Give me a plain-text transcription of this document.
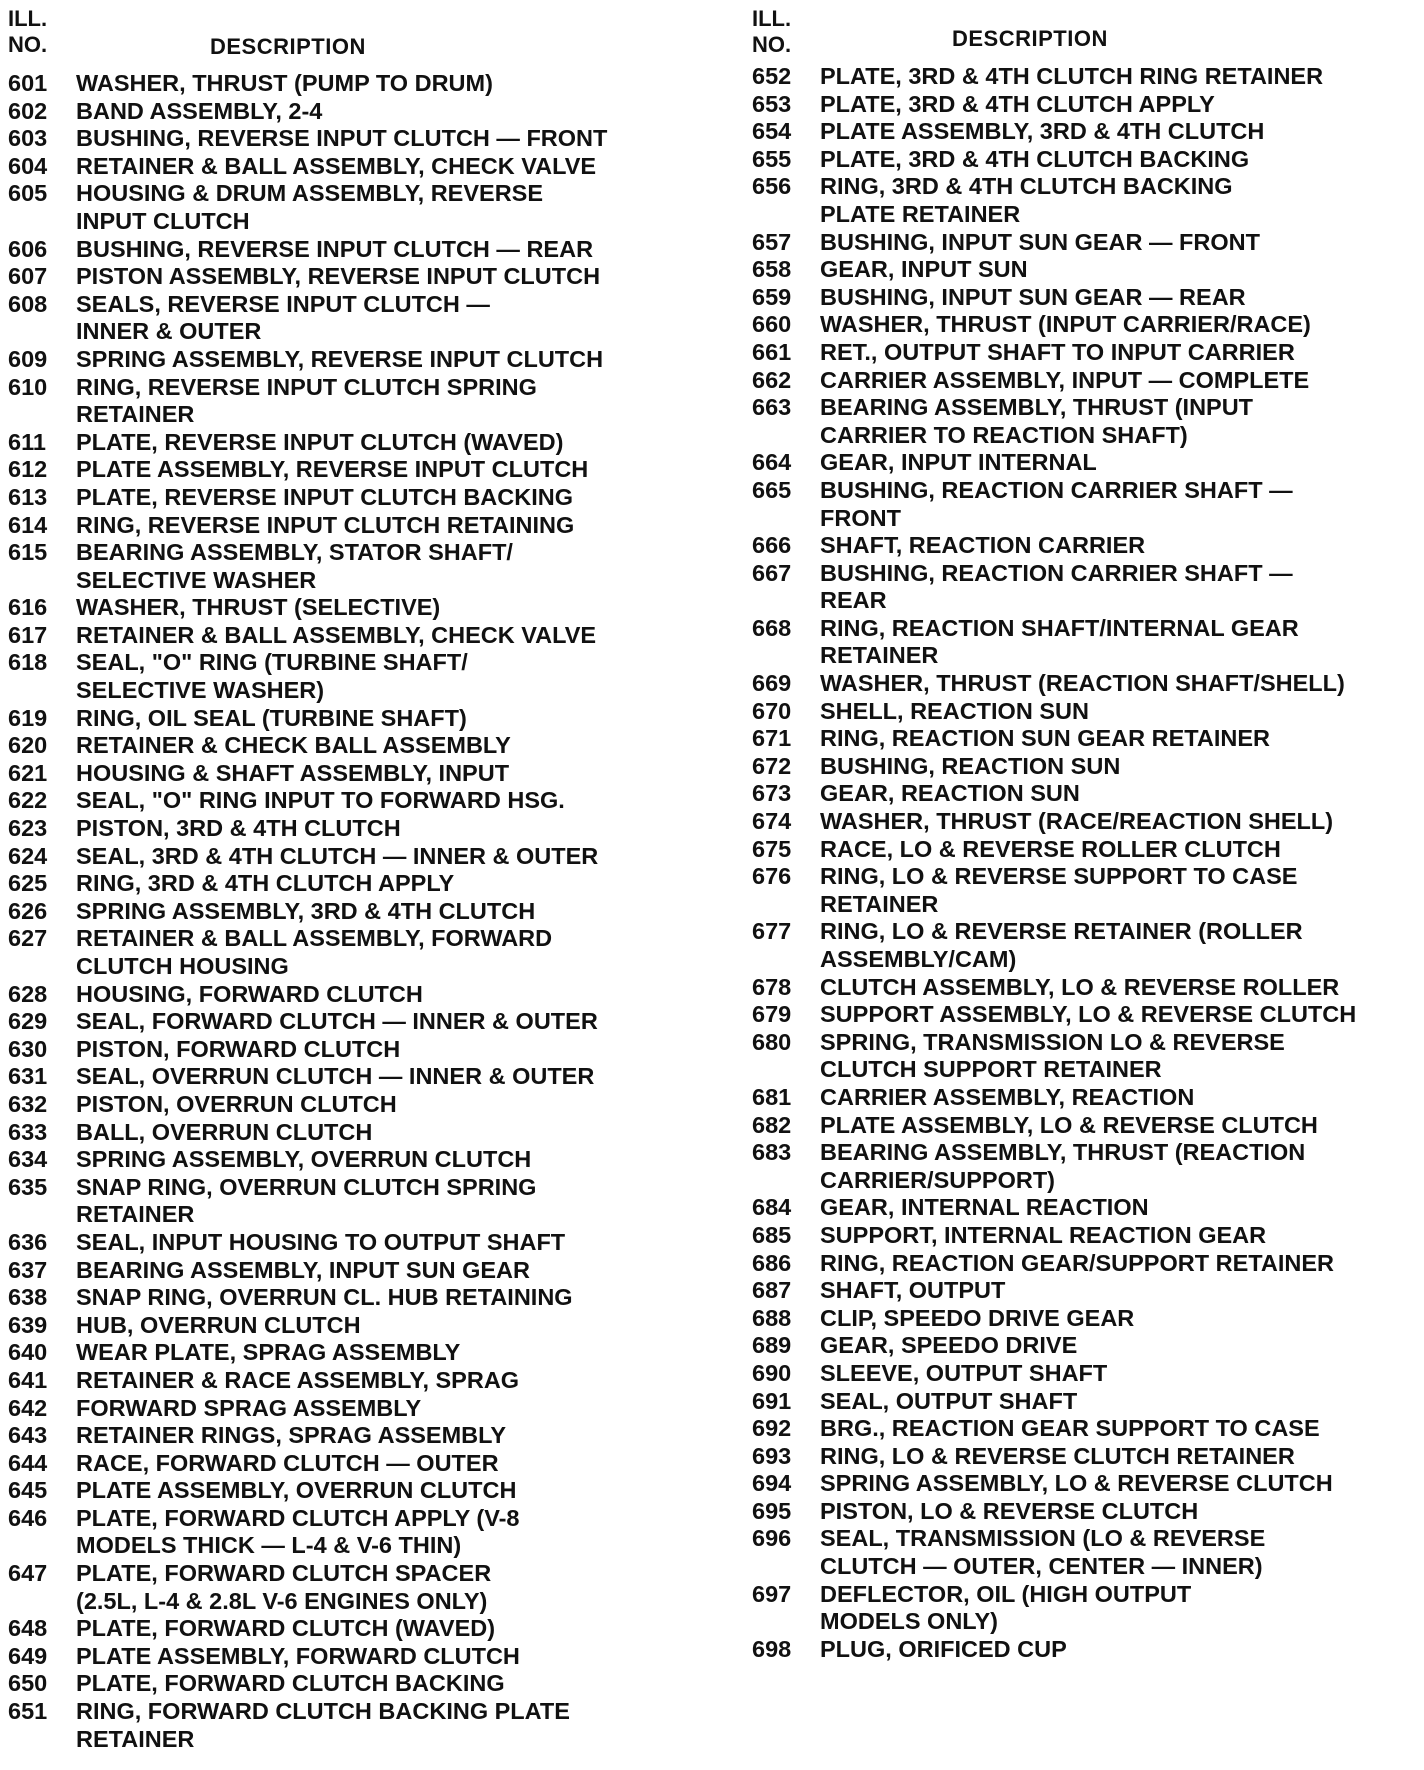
ILL.
NO.	DESCRIPTION
601	WASHER, THRUST (PUMP TO DRUM)
602	BAND ASSEMBLY, 2-4
603	BUSHING, REVERSE INPUT CLUTCH — FRONT
604	RETAINER & BALL ASSEMBLY, CHECK VALVE
605	HOUSING & DRUM ASSEMBLY, REVERSE
INPUT CLUTCH
606	BUSHING, REVERSE INPUT CLUTCH — REAR
607	PISTON ASSEMBLY, REVERSE INPUT CLUTCH
608	SEALS, REVERSE INPUT CLUTCH —
INNER & OUTER
609	SPRING ASSEMBLY, REVERSE INPUT CLUTCH
610	RING, REVERSE INPUT CLUTCH SPRING
RETAINER
611	PLATE, REVERSE INPUT CLUTCH (WAVED)
612	PLATE ASSEMBLY, REVERSE INPUT CLUTCH
613	PLATE, REVERSE INPUT CLUTCH BACKING
614	RING, REVERSE INPUT CLUTCH RETAINING
615	BEARING ASSEMBLY, STATOR SHAFT/
SELECTIVE WASHER
616	WASHER, THRUST (SELECTIVE)
617	RETAINER & BALL ASSEMBLY, CHECK VALVE
618	SEAL, "O" RING (TURBINE SHAFT/
SELECTIVE WASHER)
619	RING, OIL SEAL (TURBINE SHAFT)
620	RETAINER & CHECK BALL ASSEMBLY
621	HOUSING & SHAFT ASSEMBLY, INPUT
622	SEAL, "O" RING INPUT TO FORWARD HSG.
623	PISTON, 3RD & 4TH CLUTCH
624	SEAL, 3RD & 4TH CLUTCH — INNER & OUTER
625	RING, 3RD & 4TH CLUTCH APPLY
626	SPRING ASSEMBLY, 3RD & 4TH CLUTCH
627	RETAINER & BALL ASSEMBLY, FORWARD
CLUTCH HOUSING
628	HOUSING, FORWARD CLUTCH
629	SEAL, FORWARD CLUTCH — INNER & OUTER
630	PISTON, FORWARD CLUTCH
631	SEAL, OVERRUN CLUTCH — INNER & OUTER
632	PISTON, OVERRUN CLUTCH
633	BALL, OVERRUN CLUTCH
634	SPRING ASSEMBLY, OVERRUN CLUTCH
635	SNAP RING, OVERRUN CLUTCH SPRING
RETAINER
636	SEAL, INPUT HOUSING TO OUTPUT SHAFT
637	BEARING ASSEMBLY, INPUT SUN GEAR
638	SNAP RING, OVERRUN CL. HUB RETAINING
639	HUB, OVERRUN CLUTCH
640	WEAR PLATE, SPRAG ASSEMBLY
641	RETAINER & RACE ASSEMBLY, SPRAG
642	FORWARD SPRAG ASSEMBLY
643	RETAINER RINGS, SPRAG ASSEMBLY
644	RACE, FORWARD CLUTCH — OUTER
645	PLATE ASSEMBLY, OVERRUN CLUTCH
646	PLATE, FORWARD CLUTCH APPLY (V-8
MODELS THICK — L-4 & V-6 THIN)
647	PLATE, FORWARD CLUTCH SPACER
(2.5L, L-4 & 2.8L V-6 ENGINES ONLY)
648	PLATE, FORWARD CLUTCH (WAVED)
649	PLATE ASSEMBLY, FORWARD CLUTCH
650	PLATE, FORWARD CLUTCH BACKING
651	RING, FORWARD CLUTCH BACKING PLATE
RETAINER
ILL.
NO.	DESCRIPTION
652	PLATE, 3RD & 4TH CLUTCH RING RETAINER
653	PLATE, 3RD & 4TH CLUTCH APPLY
654	PLATE ASSEMBLY, 3RD & 4TH CLUTCH
655	PLATE, 3RD & 4TH CLUTCH BACKING
656	RING, 3RD & 4TH CLUTCH BACKING
PLATE RETAINER
657	BUSHING, INPUT SUN GEAR — FRONT
658	GEAR, INPUT SUN
659	BUSHING, INPUT SUN GEAR — REAR
660	WASHER, THRUST (INPUT CARRIER/RACE)
661	RET., OUTPUT SHAFT TO INPUT CARRIER
662	CARRIER ASSEMBLY, INPUT — COMPLETE
663	BEARING ASSEMBLY, THRUST (INPUT
CARRIER TO REACTION SHAFT)
664	GEAR, INPUT INTERNAL
665	BUSHING, REACTION CARRIER SHAFT —
FRONT
666	SHAFT, REACTION CARRIER
667	BUSHING, REACTION CARRIER SHAFT —
REAR
668	RING, REACTION SHAFT/INTERNAL GEAR
RETAINER
669	WASHER, THRUST (REACTION SHAFT/SHELL)
670	SHELL, REACTION SUN
671	RING, REACTION SUN GEAR RETAINER
672	BUSHING, REACTION SUN
673	GEAR, REACTION SUN
674	WASHER, THRUST (RACE/REACTION SHELL)
675	RACE, LO & REVERSE ROLLER CLUTCH
676	RING, LO & REVERSE SUPPORT TO CASE
RETAINER
677	RING, LO & REVERSE RETAINER (ROLLER
ASSEMBLY/CAM)
678	CLUTCH ASSEMBLY, LO & REVERSE ROLLER
679	SUPPORT ASSEMBLY, LO & REVERSE CLUTCH
680	SPRING, TRANSMISSION LO & REVERSE
CLUTCH SUPPORT RETAINER
681	CARRIER ASSEMBLY, REACTION
682	PLATE ASSEMBLY, LO & REVERSE CLUTCH
683	BEARING ASSEMBLY, THRUST (REACTION
CARRIER/SUPPORT)
684	GEAR, INTERNAL REACTION
685	SUPPORT, INTERNAL REACTION GEAR
686	RING, REACTION GEAR/SUPPORT RETAINER
687	SHAFT, OUTPUT
688	CLIP, SPEEDO DRIVE GEAR
689	GEAR, SPEEDO DRIVE
690	SLEEVE, OUTPUT SHAFT
691	SEAL, OUTPUT SHAFT
692	BRG., REACTION GEAR SUPPORT TO CASE
693	RING, LO & REVERSE CLUTCH RETAINER
694	SPRING ASSEMBLY, LO & REVERSE CLUTCH
695	PISTON, LO & REVERSE CLUTCH
696	SEAL, TRANSMISSION (LO & REVERSE
CLUTCH — OUTER, CENTER — INNER)
697	DEFLECTOR, OIL (HIGH OUTPUT
MODELS ONLY)
698	PLUG, ORIFICED CUP
